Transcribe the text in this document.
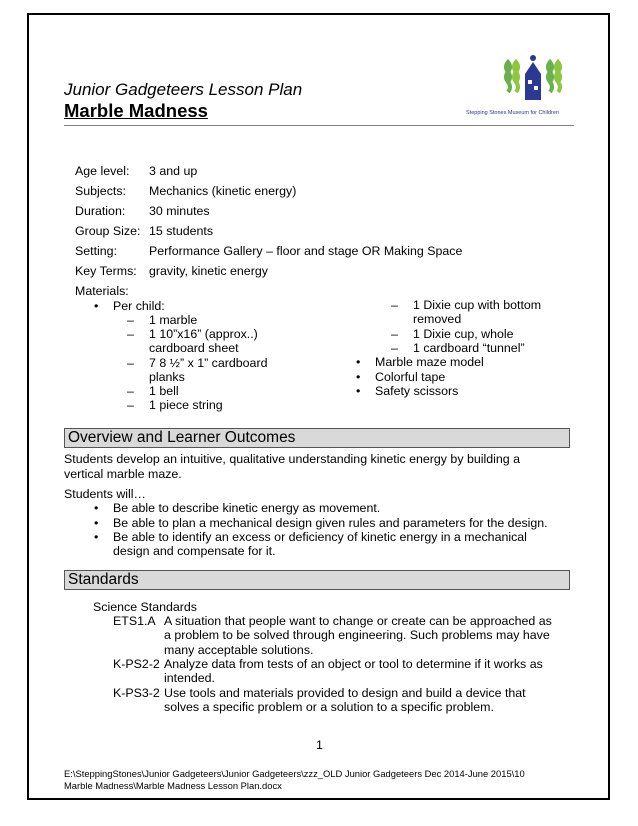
Junior Gadgeteers Lesson Plan
Marble Madness	Stepping Stones Museum for Children
Age level: 3 and up
Subjects: Mechanics (kinetic energy)
Duration: 30 minutes
Group Size: 15 students
Setting:	Performance Gallery – floor and stage OR Making Space
Key Terms: gravity, kinetic energy
Materials:
• Per child:
– 1 marble
– 1 10”x16” (approx..)
cardboard sheet
– 7 8 ½” x 1” cardboard
planks
– 1 bell
– 1 piece string
– 1 Dixie cup with bottom
removed
– 1 Dixie cup, whole
– 1 cardboard “tunnel”
• Marble maze model
• Colorful tape
• Safety scissors
Overview and Learner Outcomes
Students develop an intuitive, qualitative understanding kinetic energy by building a
vertical marble maze.
Students will…
• Be able to describe kinetic energy as movement.
• Be able to plan a mechanical design given rules and parameters for the design.
• Be able to identify an excess or deficiency of kinetic energy in a mechanical
design and compensate for it.
Standards
Science Standards
ETS1.A A situation that people want to change or create can be approached as
a problem to be solved through engineering. Such problems may have
many acceptable solutions.
K-PS2-2 Analyze data from tests of an object or tool to determine if it works as
intended.
K-PS3-2 Use tools and materials provided to design and build a device that
solves a specific problem or a solution to a specific problem.
1
E:\SteppingStones\Junior Gadgeteers\Junior Gadgeteers\zzz_OLD Junior Gadgeteers Dec 2014-June 2015\10
Marble Madness\Marble Madness Lesson Plan.docx
